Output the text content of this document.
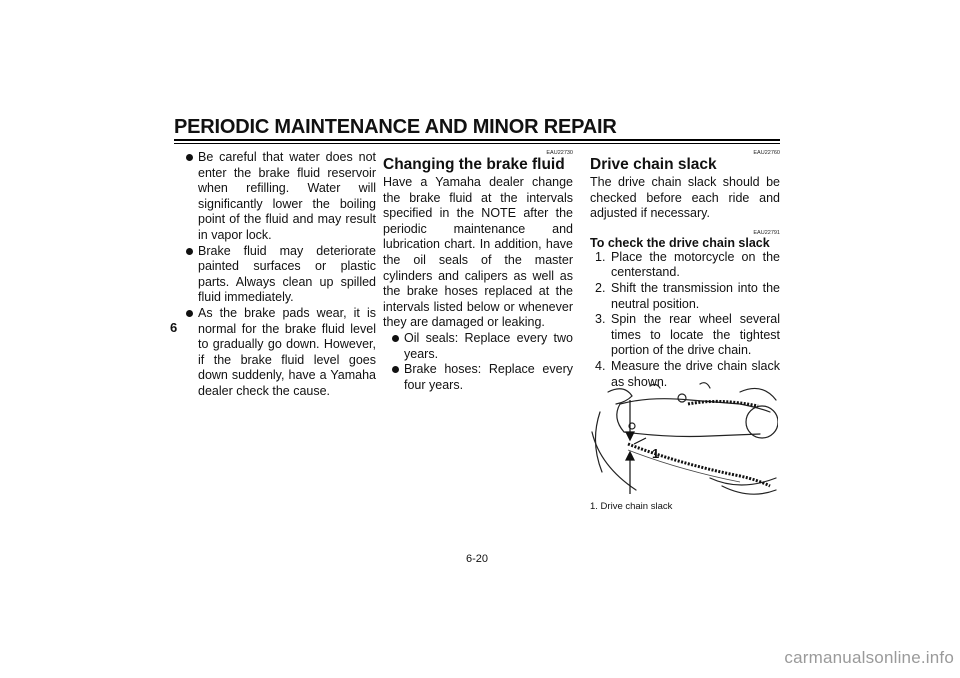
PERIODIC MAINTENANCE AND MINOR REPAIR
6
Be careful that water does not enter the brake fluid reservoir when refilling. Water will significantly lower the boiling point of the fluid and may result in vapor lock.
Brake fluid may deteriorate painted surfaces or plastic parts. Always clean up spilled fluid immediately.
As the brake pads wear, it is normal for the brake fluid level to gradually go down. However, if the brake fluid level goes down suddenly, have a Yamaha dealer check the cause.
EAU22730
Changing the brake fluid

Have a Yamaha dealer change the brake fluid at the intervals specified in the NOTE after the periodic maintenance and lubrication chart. In addition, have the oil seals of the master cylinders and calipers as well as the brake hoses replaced at the intervals listed below or whenever they are damaged or leaking.

Oil seals: Replace every two years.
Brake hoses: Replace every four years.
EAU22760
Drive chain slack

The drive chain slack should be checked before each ride and adjusted if necessary.

EAU22791
To check the drive chain slack
1. Place the motorcycle on the centerstand.
2. Shift the transmission into the neutral position.
3. Spin the rear wheel several times to locate the tightest portion of the drive chain.
4. Measure the drive chain slack as shown.
1
1. Drive chain slack
6-20
carmanualsonline.info
